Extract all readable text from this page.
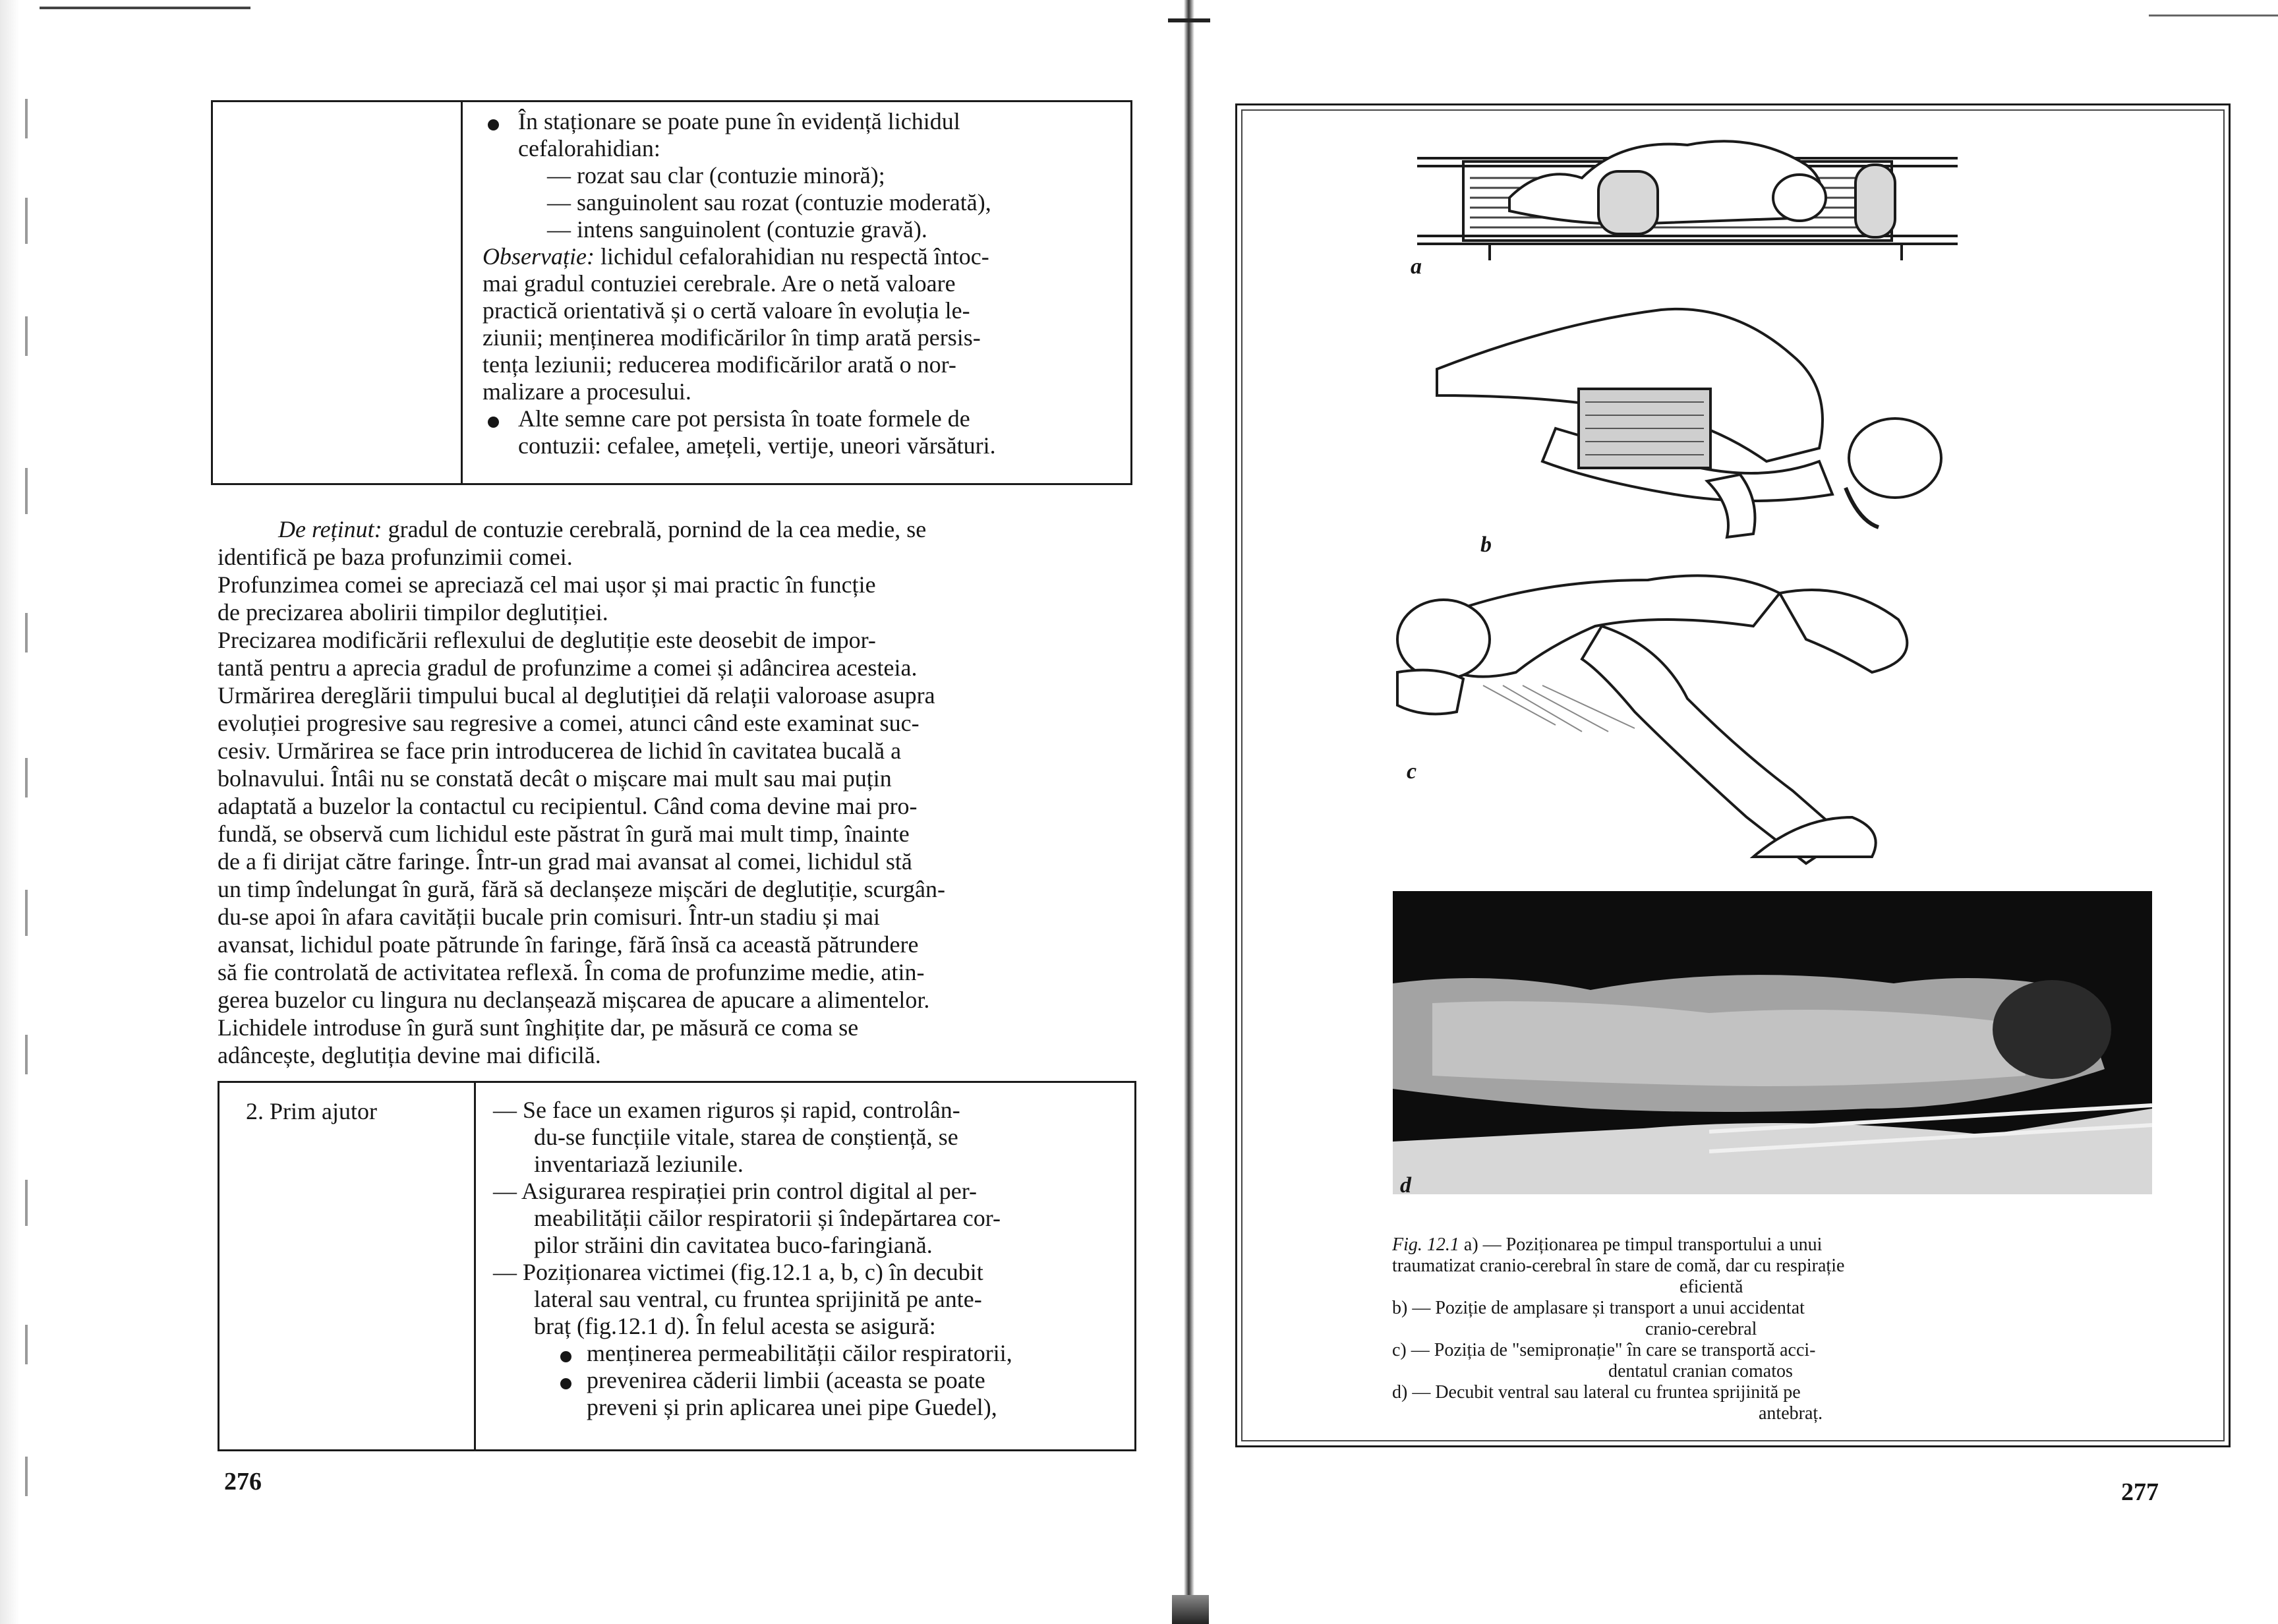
În staționare se poate pune în evidență lichidul
cefalorahidian:
— rozat sau clar (contuzie minoră);
— sanguinolent sau rozat (contuzie moderată),
— intens sanguinolent (contuzie gravă).
Observație: lichidul cefalorahidian nu respectă întoc-
mai gradul contuziei cerebrale. Are o netă valoare
practică orientativă și o certă valoare în evoluția le-
ziunii; menținerea modificărilor în timp arată persis-
tența leziunii; reducerea modificărilor arată o nor-
malizare a procesului.
Alte semne care pot persista în toate formele de
contuzii: cefalee, amețeli, vertije, uneori vărsături.
De reținut: gradul de contuzie cerebrală, pornind de la cea medie, se
identifică pe baza profunzimii comei.
Profunzimea comei se apreciază cel mai ușor și mai practic în funcție
de precizarea abolirii timpilor deglutiției.
Precizarea modificării reflexului de deglutiție este deosebit de impor-
tantă pentru a aprecia gradul de profunzime a comei și adâncirea acesteia.
Urmărirea dereglării timpului bucal al deglutiției dă relații valoroase asupra
evoluției progresive sau regresive a comei, atunci când este examinat suc-
cesiv. Urmărirea se face prin introducerea de lichid în cavitatea bucală a
bolnavului. Întâi nu se constată decât o mișcare mai mult sau mai puțin
adaptată a buzelor la contactul cu recipientul. Când coma devine mai pro-
fundă, se observă cum lichidul este păstrat în gură mai mult timp, înainte
de a fi dirijat către faringe. Într-un grad mai avansat al comei, lichidul stă
un timp îndelungat în gură, fără să declanșeze mișcări de deglutiție, scurgân-
du-se apoi în afara cavității bucale prin comisuri. Într-un stadiu și mai
avansat, lichidul poate pătrunde în faringe, fără însă ca această pătrundere
să fie controlată de activitatea reflexă. În coma de profunzime medie, atin-
gerea buzelor cu lingura nu declanșează mișcarea de apucare a alimentelor.
Lichidele introduse în gură sunt înghițite dar, pe măsură ce coma se
adâncește, deglutiția devine mai dificilă.
2. Prim ajutor	— Se face un examen riguros și rapid, controlân-
du-se funcțiile vitale, starea de conștiență, se
inventariază leziunile.
— Asigurarea respirației prin control digital al per-
meabilității căilor respiratorii și îndepărtarea cor-
pilor străini din cavitatea buco-faringiană.
— Poziționarea victimei (fig.12.1 a, b, c) în decubit
lateral sau ventral, cu fruntea sprijinită pe ante-
braț (fig.12.1 d). În felul acesta se asigură:
menținerea permeabilității căilor respiratorii,
prevenirea căderii limbii (aceasta se poate
preveni și prin aplicarea unei pipe Guedel),
276
a
b
c
d
Fig. 12.1 a) — Poziționarea pe timpul transportului a unui
traumatizat cranio-cerebral în stare de comă, dar cu respirație
eficientă
b) — Poziție de amplasare și transport a unui accidentat
cranio-cerebral
c) — Poziția de "semipronație" în care se transportă acci-
dentatul cranian comatos
d) — Decubit ventral sau lateral cu fruntea sprijinită pe
antebraț.
277
